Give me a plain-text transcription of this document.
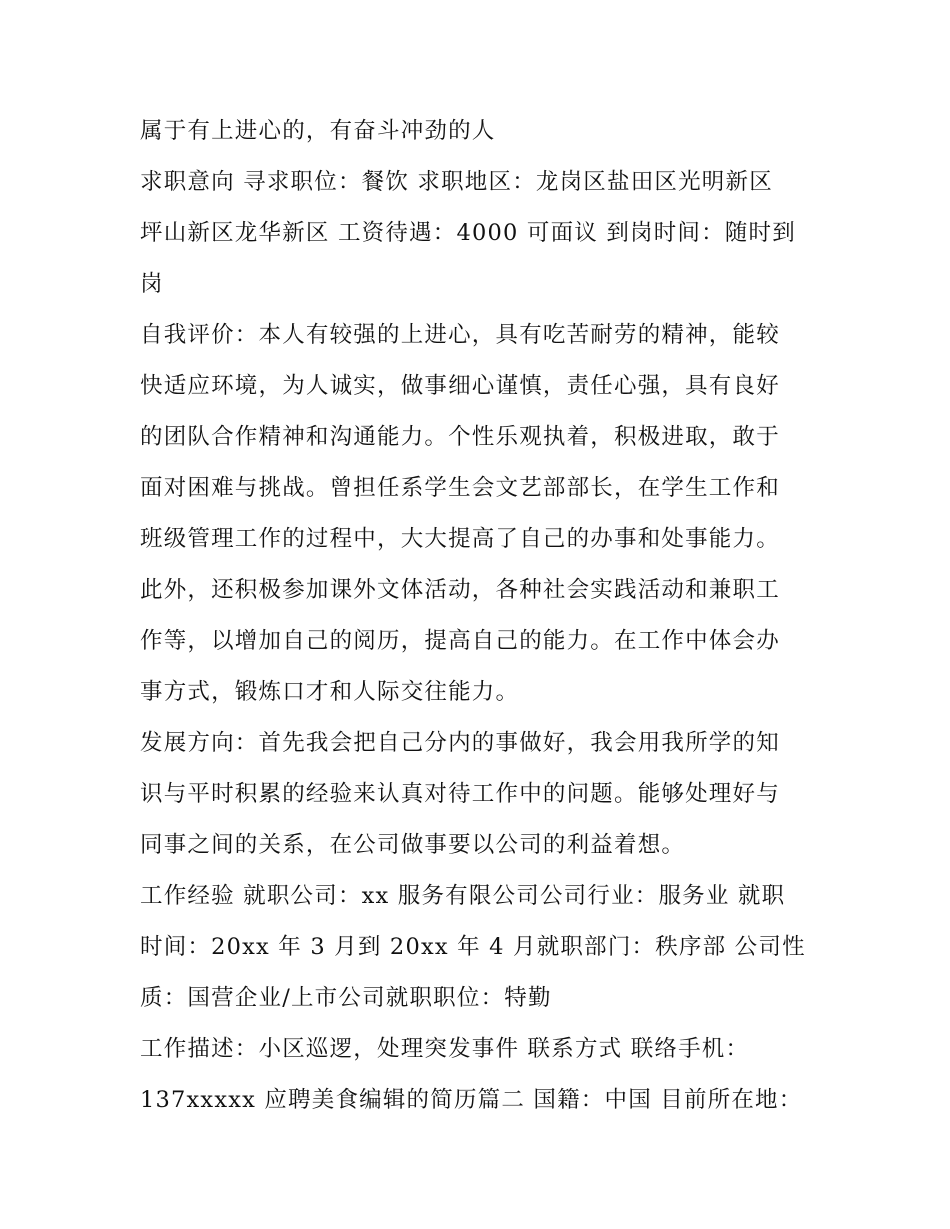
属于有上进心的，有奋斗冲劲的人
求职意向 寻求职位：餐饮 求职地区：龙岗区盐田区光明新区
坪山新区龙华新区 工资待遇：4000 可面议 到岗时间：随时到
岗
自我评价：本人有较强的上进心，具有吃苦耐劳的精神，能较
快适应环境，为人诚实，做事细心谨慎，责任心强，具有良好
的团队合作精神和沟通能力。个性乐观执着，积极进取，敢于
面对困难与挑战。曾担任系学生会文艺部部长，在学生工作和
班级管理工作的过程中，大大提高了自己的办事和处事能力。
此外，还积极参加课外文体活动，各种社会实践活动和兼职工
作等，以增加自己的阅历，提高自己的能力。在工作中体会办
事方式，锻炼口才和人际交往能力。
发展方向：首先我会把自己分内的事做好，我会用我所学的知
识与平时积累的经验来认真对待工作中的问题。能够处理好与
同事之间的关系，在公司做事要以公司的利益着想。
工作经验 就职公司：xx 服务有限公司公司行业：服务业 就职
时间：20xx 年 3 月到 20xx 年 4 月就职部门：秩序部 公司性
质：国营企业/上市公司就职职位：特勤
工作描述：小区巡逻，处理突发事件 联系方式 联络手机：
137xxxxx 应聘美食编辑的简历篇二 国籍：中国 目前所在地：
